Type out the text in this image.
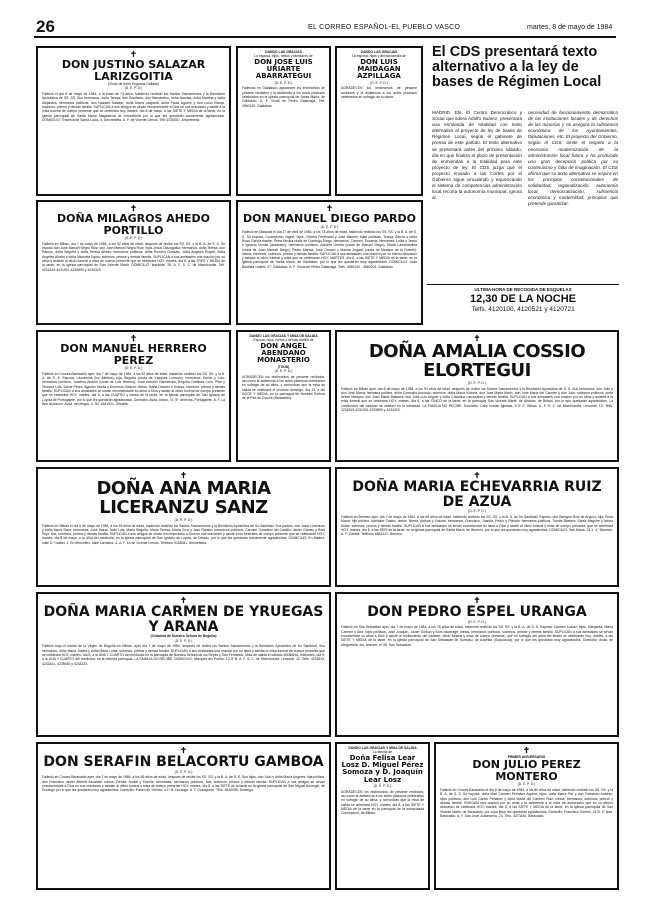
26	EL CORREO ESPAÑOL-EL PUEBLO VASCO	martes, 8 de mayo de 1984
✝
DON JUSTINO SALAZAR LARIZGOITIA
(Viudo de doña Engracia Gallada)
(D. E. P. D.)

Falleció el día 8 de mayo de 1984, a la edad de 74 años, habiendo recibido los Santos Sacramentos y la Bendición Apostólica de SS. SS. Sus hermanos, doña Teresa, don Bonifacio, don Bernardino, doña Narcisa, doña Martina y doña Alejandra; hermanos políticos, don Nazario Salazar, doña María Lasparla, doña Paula Aguirre y don Lucio Eteraz, sobrinos, primos y demás familia. SUPLICAN a sus amigos se sirvan encomendarle a Dios en sus oraciones y asistir a la misa funeral de cuerpo presente que se celebrará hoy, martes, día 8 de mayo, a las SIETE Y MEDIA de la tarde, en la iglesia parroquial de Santa María Magdalena de Amorebieta por lo que les quedarán sumamente agradecidos. DOMICILIO: Travesía de Santa Lucía, 5. Amorebieta. A. F. de Vicente Lemos. Telf. 6730067. Amorebieta.

DANDO LAS GRACIAS
La esposa, hijos, nietos y familiares de
DON JOSE LUIS URIARTE ABARRATEGUI
(D. E. P. D.)

Fallecido en Galdakao, agradecen los testimonios de pésame recibidos y la asistencia a los actos piadosos celebrados en la iglesia parroquial de Santa María, de Galdakao. A. F. Viuda de Pedro Galarraga. Telf. 4560130. Galdakao.

DANDO LAS GRACIAS
La esposa, hijas y demás familia de
DON LUIS MAIDAGAN AZPILLAGA
(D. E. P. D.)

AGRADECEN los testimonios de pésame recibidos y la asistencia a los actos piadosos celebrados en sufragio de su alma.

El CDS presentará texto alternativo a la ley de bases de Régimen Local
MADRID. Efe. El Centro Democrático y Social que lidera Adolfo Suárez, presentará una enmienda de totalidad con texto alternativo al proyecto de ley de bases de Régimen Local, según el gabinete de prensa de este partido. El texto alternativo se presentará antes del próximo sábado, día en que finaliza el plazo de presentación de enmiendas a la totalidad para este proyecto de ley. El CDS juzga que el proyecto enviado a las Cortes por el Gobierno sigue vinculando y equivocando el sistema de competencias administración local recorta la autonomía municipal, ignora al
necesidad de funcionamiento democrático de las instituciones locales y de derechos de las minorías y no asegura la suficiencia económica de los Ayuntamientos, Diputaciones, etc. El proyecto del Gobierno, según el CDS, omite el respeto a la necesaria modernización de la administración local futura y ha producido una gran decepción política por su continuismo y falta de imaginación. El CDS afirma que su texto alternativo se inspira en los principios constitucionales de solidaridad, regionalización, autonomía local, democratización, suficiencia económica y modernidad, principios que pretende garantizar.
ULTIMA HORA DE RECOGIDA DE ESQUELAS
12,30 DE LA NOCHE
Telfs. 4120100, 4120521 y 4120721
✝
DOÑA MILAGROS AHEDO PORTILLO
(D. E. P. D.)

Falleció en Bilbao, día 7 de mayo de 1984, a los 52 años de edad, después de recibir los SS. SS. y la B. A. de S. S. Su esposo don José Manuel Negro Ruiz; don Juan Manuel Negro Ruiz; hijos Jesús Olazagoitia; hermanos, doña Teresa, don Ramón, doña Begoña y doña Teresa Ahedo; hermanos políticos, doña Romero Gonzalo, doña Angeles Roque, doña Ángeles Ahedo y doña Manuela Egido; sobrinos, primos y demás familia. SUPLICAN a sus amistades una oración por su alma y asistan al oficio funeral o misa de cuerpo presente que se celebrará HOY, martes, día 8, a las TRES Y MEDIA de la tarde, en la iglesia parroquial de San Vicente Mártir. DOMICILIO: Iturribide, 25. A. F. S. C. de Misericordia. Telf. 4231819-4231901-4239690 y 4234323.

✝
DON MANUEL DIEGO PARDO
(D. E. P. D.)

Falleció en Mascota el día 27 de abril de 1984, a los 78 años de edad, habiendo recibido los SS. SS. y la B. A. de S. S. Su esposa, Concepción Yagüe; hijos, Chema Ferdinand y José Manuel; hijas políticas, Teresa García y doña Rosa García madre, Petra Urrutia viuda de Domingo Diego; hermanos, Carmen, Encarna, Mercedes, Lolita y Jesús e Ignacio Urrutia (ausentes); hermanos políticos, Adriana Urrutia (viuda de Manuel Diego), Marta Lamamedina (viuda de Juan Manuel Diego), Pedro Mansa, José Ormaín y Marina Zugasti (viuda de Mariano de la Fuente); nietos, biznietos, sobrinos, primos y demás familia. SUPLICAN a sus amistades una oración por su eterno descanso y asistan al oficio funeral y misa que se celebrarán HOY, MARTES, día 8, a las SIETE Y MEDIA de la tarde, en la iglesia parroquial de Santa María, de Galdakao, por lo que les quedarán muy agradecidos. DOMICILIO: Juan Bautista Uriarte, 27. Galdakao. A. F. Viuda de Pedro Galarraga. Telfs. 4560130 - 4560204. Galdakao.

✝
DON MANUEL HERRERO PEREZ
(D. E. P. D.)

Falleció en Cruces-Baracaldo ayer, día 7 de mayo de 1984, a los 82 años de edad, habiendo recibido los SS. SS. y la B. A. de S. S. Esposa, Lauramina (luz Alfeltos); hija, Begoña (viuda de Vázquez Lorenzo); hermanos, Emilio y Lolo; hermanos políticos, Josefina Andres (viuda de Luis Herrero), José Antonio Garmendia, Begoña Gamboa, Luis, Pilar y Teodora Lois, Jaime Pérez, Agustín Inunta y Kommun Solachi; nietos, Marta Dolores e Imanol; sobrinos, primos y demás familia. SUPLICAN a sus amistades se sirvan encomendarle su alma a Dios y asistir al oficio funeral de cuerpo presente que se celebrará HOY, martes, día 8, a las CUATRO y media de la tarde, en la iglesia parroquial de San Ignacio de Loyola de Portugalete, por lo que les quedarán agradecidos. Domicilio: Avda. Abaro, 74. 5º. derecha. Portugalete. A. F. La Ben Asunción. Avda. del Mogar, 4. Tel. 4641521. Ortuella.

DANDO LAS GRACIAS Y MISA DE SALIDA
Esposa, hijos, nietos y demás familia de
DON ANGEL ABENDAÑO MONASTERIO
(TOUN)
(D. E. P. D.)

AGRADECEN los testimonios de pésame recibidos, así como la asistencia a los actos piadosos celebrados en sufragio de su alma, y comunican que la misa de salida se celebrará el próximo domingo, día 13, a las DOCE Y MEDIA, en la parroquia de Nuestra Señora de la Paz de Cruces (Baracaldo).

✝
DOÑA AMALIA COSSIO ELORTEGUI
(D. E. P. D.)

Falleció en Bilbao ayer, día 6 de mayo de 1984, a los 93 años de edad, después de recibir los Santos Sacramentos y la Bendición Apostólica de S. S. Sus hermanos, don Julio y don José María; hermana política, doña Consuelo Amondo; sobrinos, doña María Victoria, don José María Mario, don José María del Carmen y don Julio; sobrinos políticos, doña Itzíbel Marquiz, don Juan María Bastarra, don José Luis Angulo y doña Castalina Larrazábal y demás familia. SUPLICAN a sus amistades una oración por su alma y asistan a la misa funeral que se celebrará HOY, martes, día 8, a las CINCO de la tarde, en la parroquia San Vicente Mártir, de Abando, de Bilbao, por lo que quedarán agradecidos. La conducción del cadáver se celebró en la intimidad. LA FAMILIA NO RECIBE. Domicilio: Calle Kurtatí Iglesias, 6-3º G. Bilbao. A. F. S. C. de Misericordia. Lersundi, 12. Telfs. 4231819-4231901-4239690 y 4234323.

✝
DOÑA ANA MARIA LICERANZU SANZ
(D. E. P. D.)

Falleció en Bilbao el día 6 de mayo de 1984, a los 39 años de edad, habiendo recibido los Santos Sacramentos y la Bendición Apostólica de Su Santidad. Sus padres, don Justo Liceranzu y doña María Sanz; hermanos, José María, Juan Luis, María Begoña, María Teresa, María Cruz y Josu Ramón; hermanos políticos, Carmen González del Castillo, Javier Gómez y Raúl Rojo; tíos, sobrinos, primos y demás familia. SUPLICAN a sus amigos se sirvan encomendarla a Dios en sus oraciones y asistir a los funerales de cuerpo presente que se celebrarán HOY, martes, día 8 de mayo, a la UNA del mediodía, en la iglesia parroquial de San Ignacio de Loyola, de Deusto, por lo que les quedarán sumamente agradecidos. DOMICILIO: En Madrid, calle D.ª Isabel, 4. En Mercefles, calle Landaluz, 4. A. F. La de Vicente Lemos. Telefono 5118081. Amorebieta.

✝
DOÑA MARIA ECHEVARRIA RUIZ DE AZUA
(D. E. P. D.)

Falleció en Bermeo ayer, día 7 de mayo de 1984, a los 68 años de edad, habiendo recibido los SS. SS. y la B. A. de Su Santidad. Esposo, don Benigno Ruiz de Angulo; hija, Rosa María; hijo político, Adelaido Castro; nietos, Nerea, Ainhoa y Yosune; hermanos, Francisco, Juanita, Pedro y Plácido; hermanos políticos, Tomás Bastara, Santa Maguire y Arturo Aldaz; sobrinos, primos y demás familia. SUPLICAN a sus amistades se sirvan encomendar su alma a Dios y asistir al oficio funeral y misa de cuerpo presente, que se celebrará HOY, martes, día 8, a las SEIS de la tarde, en la iglesia parroquial de Santa María, de Bermeo, por lo que les quedarán muy agradecidos. DOMICILIO: San María, 24-1. 4.º Bermeo. A. F. Zubeta. Teléfono 6881221. Bermeo.

✝
DOÑA MARIA CARMEN DE YRUEGAS Y ARANA
(Celadora de Nuestra Señora de Begoña)
(D. E. P. D.)

Falleció bajo el manto de la Virgen de Begoña en Bilbao, ayer día 7 de mayo de 1984, después de recibir los Santos Sacramentos y la Bendición Apostólica de Su Santidad. Sus hermanos, doña María Josefa y doña María Luisa; sobrinos, primos y demás familia. SUPLICAN a sus amistades una oración por su alma y asistan a misa funeral de cuerpo presente que se celebrará HOY, martes, día 8, a la UNA Y CUARTO del mediodía en la parroquia de Nuestra Señora de los Reyes y San Fernando. Misa de salida el sábado MAÑANA, miércoles, día 9, a la UNA Y CUARTO del mediodía, en la referida parroquia. LA FAMILIA NO RECIBE. DOMICILIO: Marqués del Puerto, 12-3º B. A. F. S. C. de Misericordia. Lersundi, 12. Telfs. 4231819, 4231821, 4235630 y 4234323.

✝
DON PEDRO ESPEL URANGA
(D. E. P. D.)

Falleció en San Sebastián ayer, día 7 de mayo de 1984, a los 78 años de edad, habiendo recibido los SS. SS. y la B. A. de S. S. Esposa, Carmen Loinaz; hijos, Margarita, María Carmen y Ana; hijos políticos, José Joaquín, Javier Goikuri y Boni Iduarrage; nietos, hermanos políticos, sobrinos, primos y demás familia. SUPLICAN a sus amistades se sirvan encomendar su alma a Dios y asistir al recibimiento del cadáver, oficio funeral y misa de cuerpo presente, que en sufragio del alma del finado se celebrarán hoy, martes, a las SIETE Y MEDIA de la tarde, en la iglesia parroquial de San Sebastián de Soreasu, de Azpeitia (Guipúzcoa), por lo que les quedarán muy agradecidos. Domicilio: Avda. de Ategorrieta, s/n, Avenue, nº 55. San Sebastián.

✝
DON SERAFIN BELACORTU GAMBOA
(D. E. P. D.)

Falleció en Cruces-Baracaldo ayer, día 7 de mayo de 1984, a los 65 años de edad, después de recibir los SS. SS. y la B. A. de S. S. Sus hijos, don Julio y doña María Angeles; hija política, don Francisco Javier Alberdi Azcárate; nietos, Zierixa, Arrate y Eneritz; hermanas; hermanos políticos, tíos, sobrinos, primos y demás familia. SUPLICAN a sus amigos se sirvan encomendarle a Dios en sus oraciones y asistan al oficio funeral y misa de cuerpo presente HOY, martes, día 8, a las SIETE de la tarde en la iglesia parroquial de San Miguel Arcángel, de Durango por lo que les quedarán muy agradecidos. Domicilio: Paseo de Yurreta, 4-1º B. Durango. A. F. Dosaguren. Tfno. 6810095. Durango.

DANDO LAS GRACIAS Y MISA DE SALIDA
La familia de
Doña Felisa Lear Losz D. Miguel Pérez Somoza y D. Joaquín Lear Losz
(D. E. P. D.)

AGRADECEN los testimonios de pésame recibidos, así como la asistencia a los actos piadosos celebrados en sufragio de su alma, y comunican que la misa de salida se celebrará HOY, martes, día 8, a las SIETE Y MEDIA de la tarde en la parroquia de la Inmaculada Concepción, de Bilbao.

✝
PRIMER ANIVERSARIO
DON JULIO PEREZ MONTERO
(D. E. P. D.)

Falleció en Cruces-Baracaldo el día 8 de mayo de 1983, a los 80 años de edad, habiendo recibido los SS. SS. y la B. A. de S. S. Su esposa, doña Mari Carmen Peñalver Aguirre; hijos, doña María Flor y don Francisco Antonio; hijos políticos, don Luis Carlos Peñalver y doña María del Carmen Ruiz; nietos, hermanos, sobrinos, primos y demás familia. RUEGAN una oración por su alma y la asistencia a la misa de aniversario que en su eterno descanso se celebrará HOY, martes, día 8, a las SIETE Y MEDIA de la tarde, en la iglesia parroquial de San Vicente Mártir, de Baracaldo, por cuyo favor les quedarán agradecidos. Domicilio: Francisco Gómez, 24-B, 2º izda. Baracaldo. A. F. San José. Autonomía, 23. Tfno. 4373430. Baracaldo.
